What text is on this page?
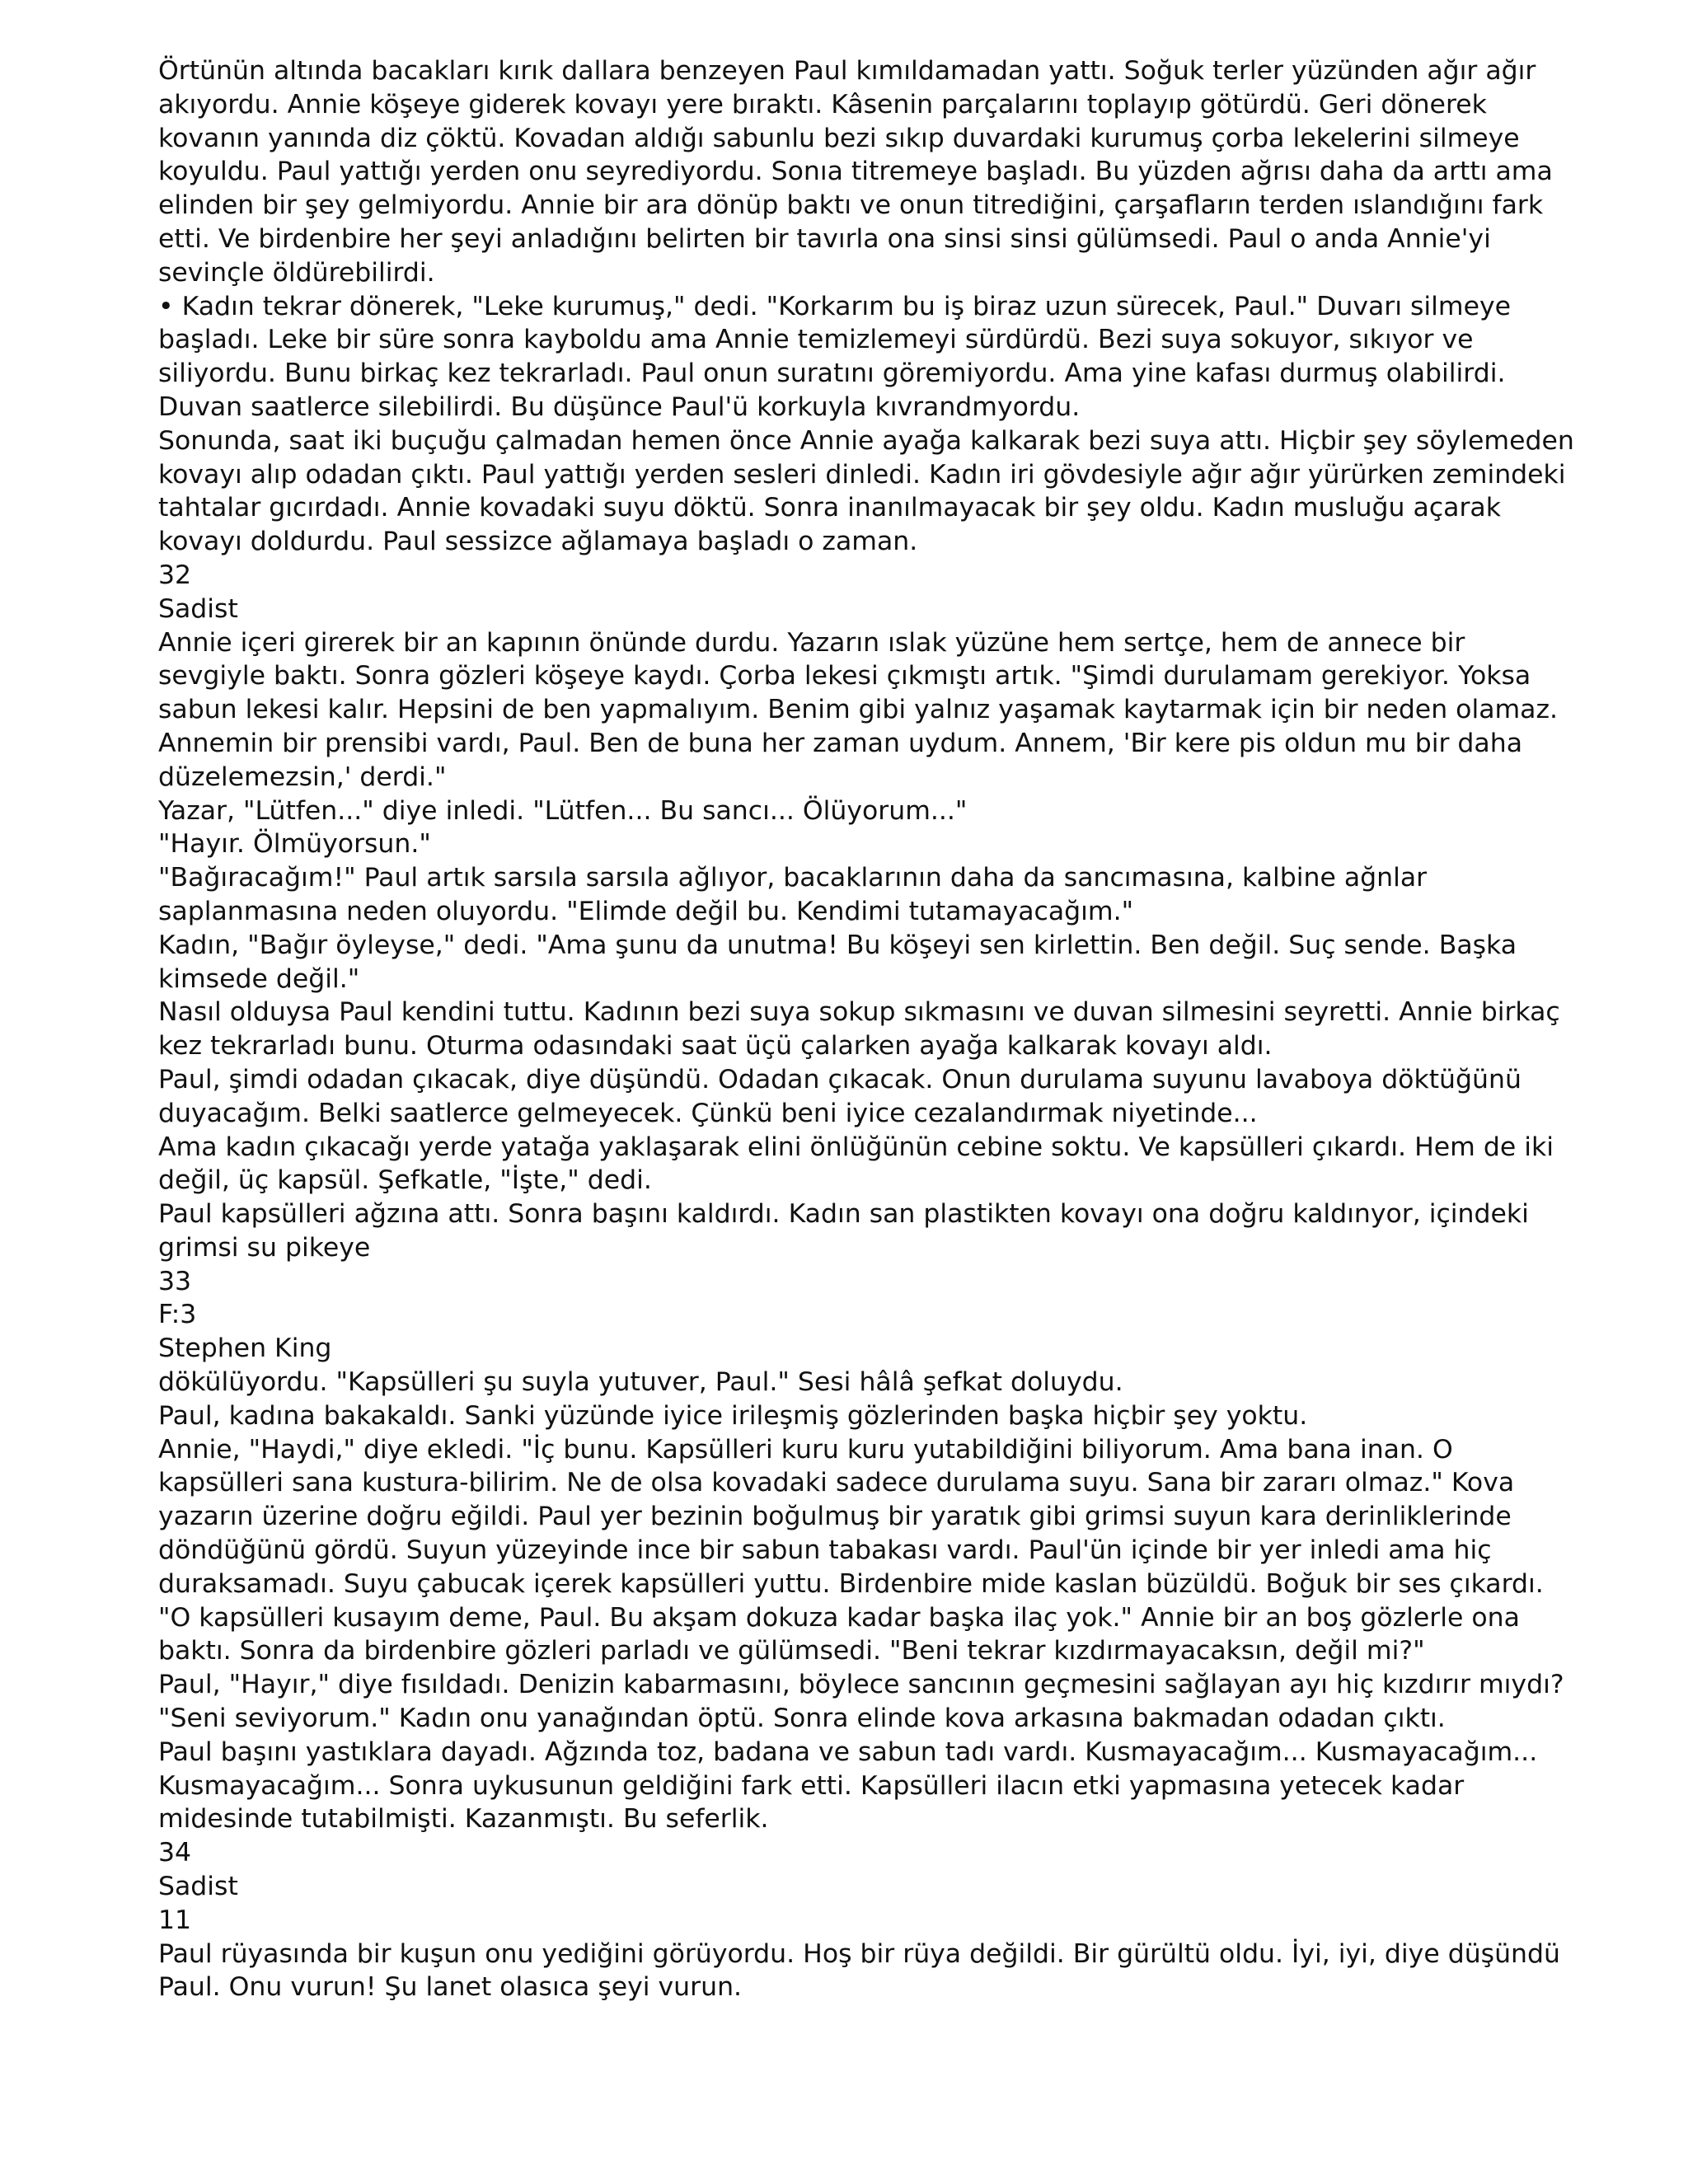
Örtünün altında bacakları kırık dallara benzeyen Paul kımıldamadan yattı. Soğuk terler yüzünden ağır ağır
akıyordu. Annie köşeye giderek kovayı yere bıraktı. Kâsenin parçalarını toplayıp götürdü. Geri dönerek
kovanın yanında diz çöktü. Kovadan aldığı sabunlu bezi sıkıp duvardaki kurumuş çorba lekelerini silmeye
koyuldu. Paul yattığı yerden onu seyrediyordu. Sonıa titremeye başladı. Bu yüzden ağrısı daha da arttı ama
elinden bir şey gelmiyordu. Annie bir ara dönüp baktı ve onun titrediğini, çarşafların terden ıslandığını fark
etti. Ve birdenbire her şeyi anladığını belirten bir tavırla ona sinsi sinsi gülümsedi. Paul o anda Annie'yi
sevinçle öldürebilirdi.
• Kadın tekrar dönerek, "Leke kurumuş," dedi. "Korkarım bu iş biraz uzun sürecek, Paul." Duvarı silmeye
başladı. Leke bir süre sonra kayboldu ama Annie temizlemeyi sürdürdü. Bezi suya sokuyor, sıkıyor ve
siliyordu. Bunu birkaç kez tekrarladı. Paul onun suratını göremiyordu. Ama yine kafası durmuş olabilirdi.
Duvan saatlerce silebilirdi. Bu düşünce Paul'ü korkuyla kıvrandmyordu.
Sonunda, saat iki buçuğu çalmadan hemen önce Annie ayağa kalkarak bezi suya attı. Hiçbir şey söylemeden
kovayı alıp odadan çıktı. Paul yattığı yerden sesleri dinledi. Kadın iri gövdesiyle ağır ağır yürürken zemindeki
tahtalar gıcırdadı. Annie kovadaki suyu döktü. Sonra inanılmayacak bir şey oldu. Kadın musluğu açarak
kovayı doldurdu. Paul sessizce ağlamaya başladı o zaman.
32
Sadist
Annie içeri girerek bir an kapının önünde durdu. Yazarın ıslak yüzüne hem sertçe, hem de annece bir
sevgiyle baktı. Sonra gözleri köşeye kaydı. Çorba lekesi çıkmıştı artık. "Şimdi durulamam gerekiyor. Yoksa
sabun lekesi kalır. Hepsini de ben yapmalıyım. Benim gibi yalnız yaşamak kaytarmak için bir neden olamaz.
Annemin bir prensibi vardı, Paul. Ben de buna her zaman uydum. Annem, 'Bir kere pis oldun mu bir daha
düzelemezsin,' derdi."
Yazar, "Lütfen..." diye inledi. "Lütfen... Bu sancı... Ölüyorum..."
"Hayır. Ölmüyorsun."
"Bağıracağım!" Paul artık sarsıla sarsıla ağlıyor, bacaklarının daha da sancımasına, kalbine ağnlar
saplanmasına neden oluyordu. "Elimde değil bu. Kendimi tutamayacağım."
Kadın, "Bağır öyleyse," dedi. "Ama şunu da unutma! Bu köşeyi sen kirlettin. Ben değil. Suç sende. Başka
kimsede değil."
Nasıl olduysa Paul kendini tuttu. Kadının bezi suya sokup sıkmasını ve duvan silmesini seyretti. Annie birkaç
kez tekrarladı bunu. Oturma odasındaki saat üçü çalarken ayağa kalkarak kovayı aldı.
Paul, şimdi odadan çıkacak, diye düşündü. Odadan çıkacak. Onun durulama suyunu lavaboya döktüğünü
duyacağım. Belki saatlerce gelmeyecek. Çünkü beni iyice cezalandırmak niyetinde...
Ama kadın çıkacağı yerde yatağa yaklaşarak elini önlüğünün cebine soktu. Ve kapsülleri çıkardı. Hem de iki
değil, üç kapsül. Şefkatle, "İşte," dedi.
Paul kapsülleri ağzına attı. Sonra başını kaldırdı. Kadın san plastikten kovayı ona doğru kaldınyor, içindeki
grimsi su pikeye
33
F:3
Stephen King
dökülüyordu. "Kapsülleri şu suyla yutuver, Paul." Sesi hâlâ şefkat doluydu.
Paul, kadına bakakaldı. Sanki yüzünde iyice irileşmiş gözlerinden başka hiçbir şey yoktu.
Annie, "Haydi," diye ekledi. "İç bunu. Kapsülleri kuru kuru yutabildiğini biliyorum. Ama bana inan. O
kapsülleri sana kustura-bilirim. Ne de olsa kovadaki sadece durulama suyu. Sana bir zararı olmaz." Kova
yazarın üzerine doğru eğildi. Paul yer bezinin boğulmuş bir yaratık gibi grimsi suyun kara derinliklerinde
döndüğünü gördü. Suyun yüzeyinde ince bir sabun tabakası vardı. Paul'ün içinde bir yer inledi ama hiç
duraksamadı. Suyu çabucak içerek kapsülleri yuttu. Birdenbire mide kaslan büzüldü. Boğuk bir ses çıkardı.
"O kapsülleri kusayım deme, Paul. Bu akşam dokuza kadar başka ilaç yok." Annie bir an boş gözlerle ona
baktı. Sonra da birdenbire gözleri parladı ve gülümsedi. "Beni tekrar kızdırmayacaksın, değil mi?"
Paul, "Hayır," diye fısıldadı. Denizin kabarmasını, böylece sancının geçmesini sağlayan ayı hiç kızdırır mıydı?
"Seni seviyorum." Kadın onu yanağından öptü. Sonra elinde kova arkasına bakmadan odadan çıktı.
Paul başını yastıklara dayadı. Ağzında toz, badana ve sabun tadı vardı. Kusmayacağım... Kusmayacağım...
Kusmayacağım... Sonra uykusunun geldiğini fark etti. Kapsülleri ilacın etki yapmasına yetecek kadar
midesinde tutabilmişti. Kazanmıştı. Bu seferlik.
34
Sadist
11
Paul rüyasında bir kuşun onu yediğini görüyordu. Hoş bir rüya değildi. Bir gürültü oldu. İyi, iyi, diye düşündü
Paul. Onu vurun! Şu lanet olasıca şeyi vurun.
